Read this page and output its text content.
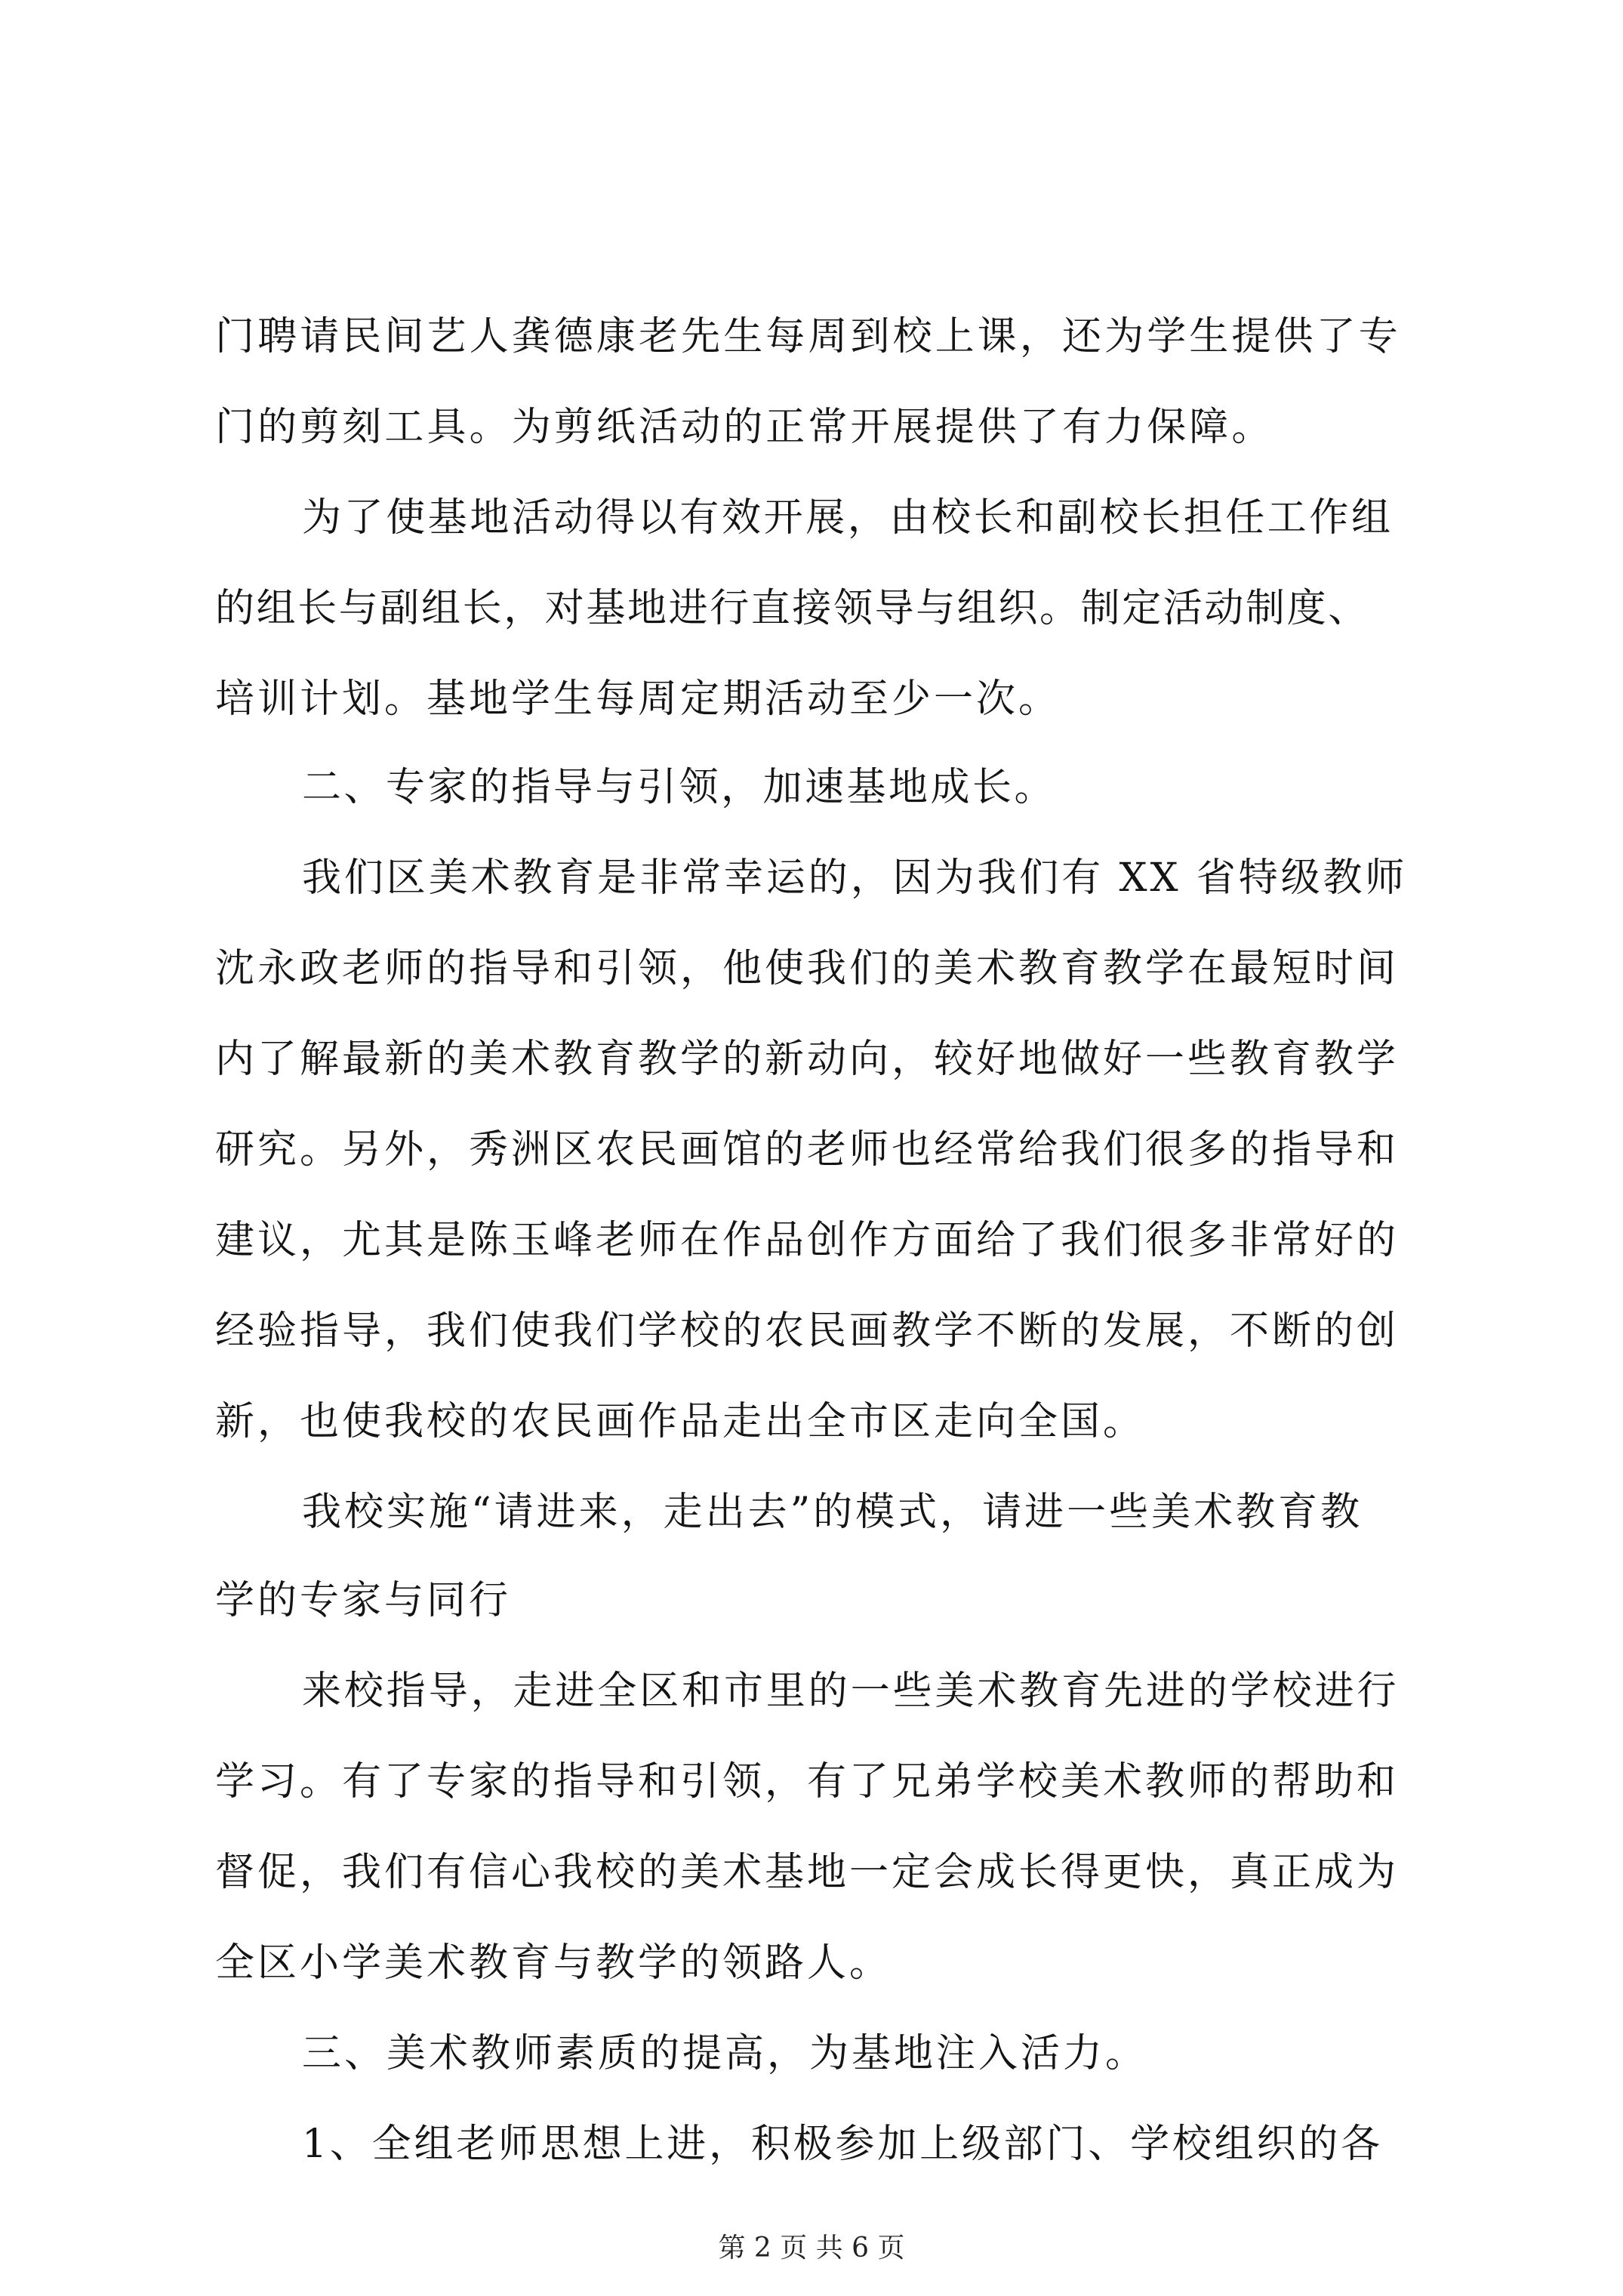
门聘请民间艺人龚德康老先生每周到校上课，还为学生提供了专
门的剪刻工具。为剪纸活动的正常开展提供了有力保障。
为了使基地活动得以有效开展，由校长和副校长担任工作组
的组长与副组长，对基地进行直接领导与组织。制定活动制度、
培训计划。基地学生每周定期活动至少一次。
二、专家的指导与引领，加速基地成长。
我们区美术教育是非常幸运的，因为我们有 XX 省特级教师
沈永政老师的指导和引领，他使我们的美术教育教学在最短时间
内了解最新的美术教育教学的新动向，较好地做好一些教育教学
研究。另外，秀洲区农民画馆的老师也经常给我们很多的指导和
建议，尤其是陈玉峰老师在作品创作方面给了我们很多非常好的
经验指导，我们使我们学校的农民画教学不断的发展，不断的创
新，也使我校的农民画作品走出全市区走向全国。
我校实施“请进来，走出去”的模式，请进一些美术教育教
学的专家与同行
来校指导，走进全区和市里的一些美术教育先进的学校进行
学习。有了专家的指导和引领，有了兄弟学校美术教师的帮助和
督促，我们有信心我校的美术基地一定会成长得更快，真正成为
全区小学美术教育与教学的领路人。
三、美术教师素质的提高，为基地注入活力。
1、全组老师思想上进，积极参加上级部门、学校组织的各
第 2 页 共 6 页
